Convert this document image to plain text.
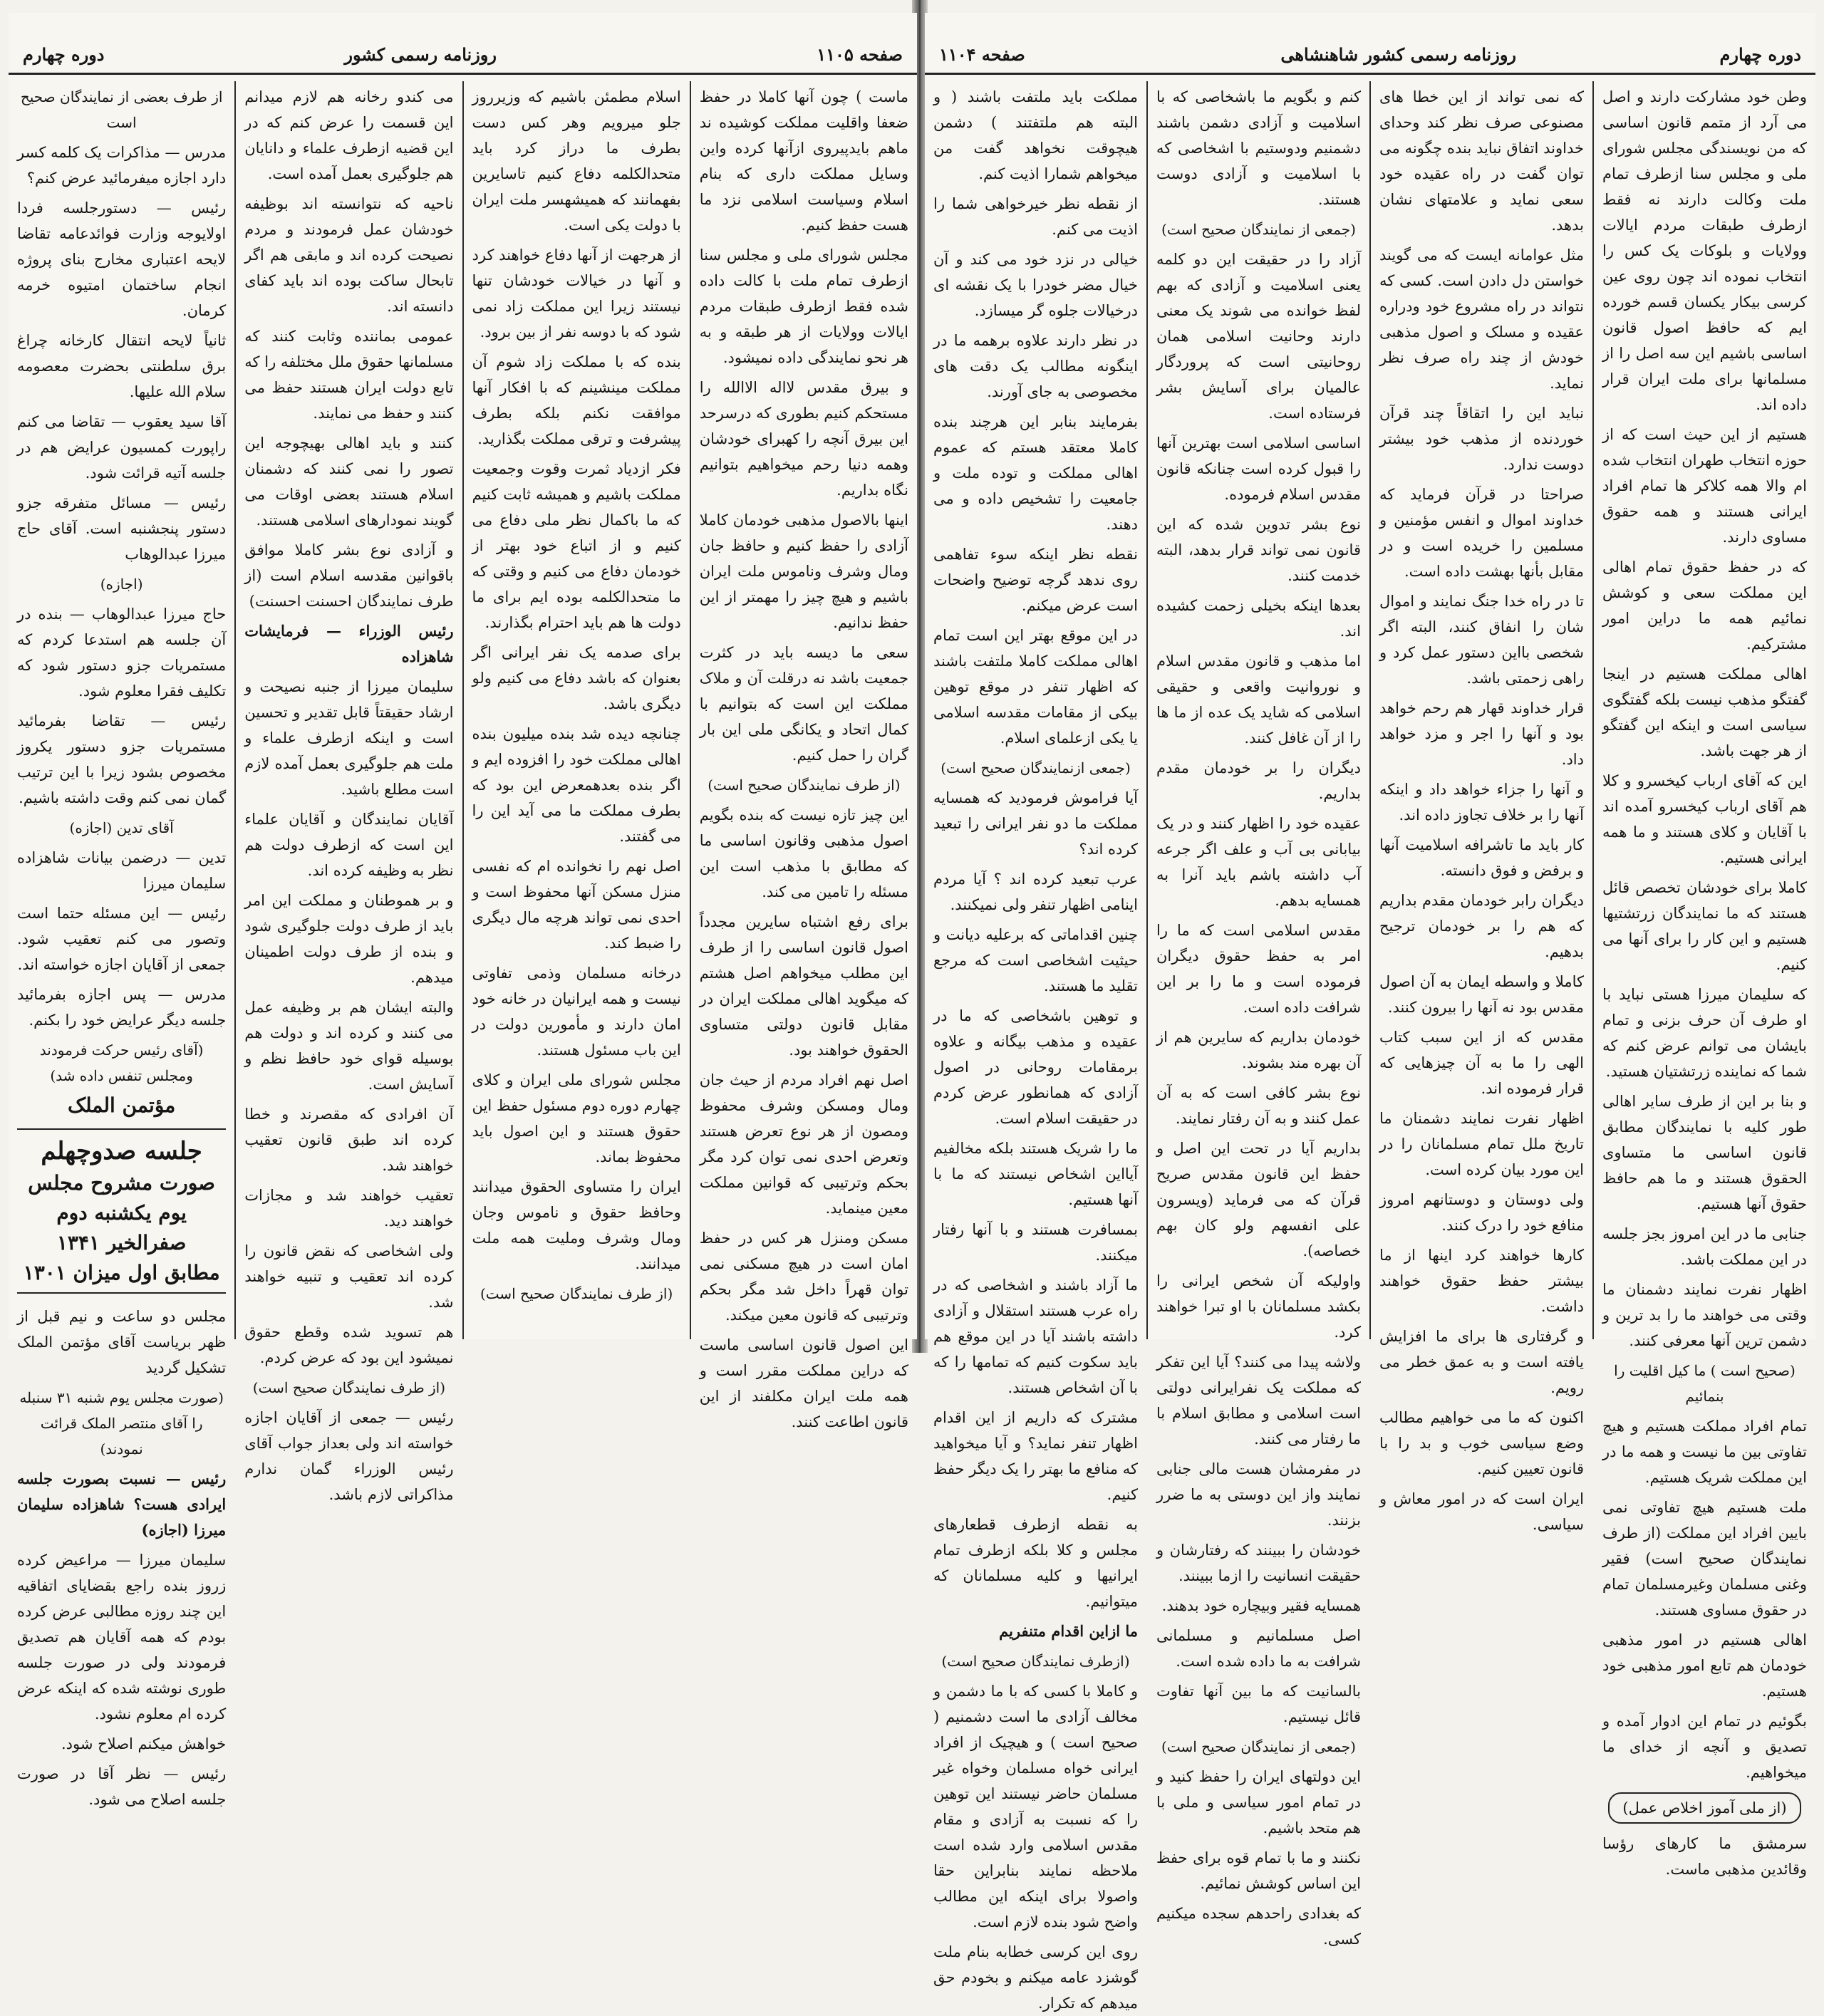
صفحه ۱۱۰۵
روزنامه رسمی کشور
دوره چهارم

ماست ) چون آنها کاملا در حفظ ضعفا واقلیت مملکت کوشیده ند ماهم بایدپیروی ازآنها کرده واین وسایل مملکت داری که بنام اسلام وسیاست اسلامی نزد ما هست حفظ کنیم.

مجلس شورای ملی و مجلس سنا ازطرف تمام ملت با کالت داده شده فقط ازطرف طبقات مردم ایالات وولایات از هر طبقه و به هر نحو نمایندگی داده نمیشود.

و بیرق مقدس لااله الاالله را مستحکم کنیم بطوری که درسرحد این بیرق آنچه را کهبرای خودشان وهمه دنیا رحم میخواهیم بتوانیم نگاه بداریم.

اینها بالاصول مذهبی خودمان کاملا آزادی را حفظ کنیم و حافظ جان ومال وشرف وناموس ملت ایران باشیم و هیچ چیز را مهمتر از این حفظ ندانیم.

سعی ما دیسه باید در کثرت جمعیت باشد نه درقلت آن و ملاک مملکت این است که بتوانیم با کمال اتحاد و یکانگی ملی این بار گران را حمل کنیم.

(از طرف نمایندگان صحیح است)

این چیز تازه نیست که بنده بگویم اصول مذهبی وقانون اساسی ما که مطابق با مذهب است این مسئله را تامین می کند.

برای رفع اشتباه سایرین مجدداً اصول قانون اساسی را از طرف این مطلب میخواهم اصل هشتم که میگوید اهالی مملکت ایران در مقابل قانون دولتی متساوی الحقوق خواهند بود.

اصل نهم افراد مردم از حیث جان ومال ومسکن وشرف محفوظ ومصون از هر نوع تعرض هستند وتعرض احدی نمی توان کرد مگر بحکم وترتیبی که قوانین مملکت معین مینماید.

مسکن ومنزل هر کس در حفظ امان است در هیچ مسکنی نمی توان قهراً داخل شد مگر بحکم وترتیبی که قانون معین میکند.

این اصول قانون اساسی ماست که دراین مملکت مقرر است و همه ملت ایران مکلفند از این قانون اطاعت کنند.

اسلام مطمئن باشیم که وزیرروز جلو میرویم وهر کس دست بطرف ما دراز کرد باید متحدالکلمه دفاع کنیم تاسایرین بفهمانند که همیشهسر ملت ایران با دولت یکی است.

از هرجهت از آنها دفاع خواهند کرد و آنها در خیالات خودشان تنها نیستند زیرا این مملکت زاد نمی شود که با دوسه نفر از بین برود.

بنده که با مملکت زاد شوم آن مملکت مینشینم که با افکار آنها موافقت نکنم بلکه بطرف پیشرفت و ترقی مملکت بگذارید.

فکر ازدیاد ثمرت وقوت وجمعیت مملکت باشیم و همیشه ثابت کنیم که ما باکمال نظر ملی دفاع می کنیم و از اتباع خود بهتر از خودمان دفاع می کنیم و وقتی که ما متحدالکلمه بوده ایم برای ما دولت ها هم باید احترام بگذارند.

برای صدمه یک نفر ایرانی اگر بعنوان که باشد دفاع می کنیم ولو دیگری باشد.

چنانچه دیده شد بنده میلیون بنده اهالی مملکت خود را افزوده ایم و اگر بنده بعدهمعرض این بود که بطرف مملکت ما می آید این را می گفتند.

اصل نهم را نخوانده ام که نفسی منزل مسکن آنها محفوظ است و احدی نمی تواند هرچه مال دیگری را ضبط کند.

درخانه مسلمان وذمی تفاوتی نیست و همه ایرانیان در خانه خود امان دارند و مأمورین دولت در این باب مسئول هستند.

مجلس شورای ملی ایران و کلای چهارم دوره دوم مسئول حفظ این حقوق هستند و این اصول باید محفوظ بماند.

ایران را متساوی الحقوق میدانند وحافظ حقوق و ناموس وجان ومال وشرف وملیت همه ملت میدانند.

(از طرف نمایندگان صحیح است)

می کندو رخانه هم لازم میدانم این قسمت را عرض کنم که در این قضیه ازطرف علماء و دانایان هم جلوگیری بعمل آمده است.

ناحیه که نتوانسته اند بوظیفه خودشان عمل فرمودند و مردم نصیحت کرده اند و مابقی هم اگر تابحال ساکت بوده اند باید کفای دانسته اند.

عمومی بماننده وثابت کنند که مسلمانها حقوق ملل مختلفه را که تابع دولت ایران هستند حفظ می کنند و حفظ می نمایند.

کنند و باید اهالی بهیچوجه این تصور را نمی کنند که دشمنان اسلام هستند بعضی اوقات می گویند نمودارهای اسلامی هستند.

و آزادی نوع بشر کاملا موافق باقوانین مقدسه اسلام است (از طرف نمایندگان احسنت احسنت)

رئیس الوزراء — فرمایشات شاهزاده

سلیمان میرزا از جنبه نصیحت و ارشاد حقیقتاً قابل تقدیر و تحسین است و اینکه ازطرف علماء و ملت هم جلوگیری بعمل آمده لازم است مطلع باشید.

آقایان نمایندگان و آقایان علماء این است که ازطرف دولت هم نظر به وظیفه کرده اند.

و بر هموطنان و مملکت این امر باید از طرف دولت جلوگیری شود و بنده از طرف دولت اطمینان میدهم.

والبته ایشان هم بر وظیفه عمل می کنند و کرده اند و دولت هم بوسیله قوای خود حافظ نظم و آسایش است.

آن افرادی که مقصرند و خطا کرده اند طبق قانون تعقیب خواهند شد.

تعقیب خواهند شد و مجازات خواهند دید.

ولی اشخاصی که نقض قانون را کرده اند تعقیب و تنبیه خواهند شد.

هم تسوید شده وقطع حقوق نمیشود این بود که عرض کردم.

(از طرف نمایندگان صحیح است)

رئیس — جمعی از آقایان اجازه خواسته اند ولی بعداز جواب آقای رئیس الوزراء گمان ندارم مذاکراتی لازم باشد.

از طرف بعضی از نمایندگان صحیح است

مدرس — مذاکرات یک کلمه کسر دارد اجازه میفرمائید عرض کنم؟

رئیس — دستورجلسه فردا اولایوجه وزارت فوائدعامه تقاضا لایحه اعتباری مخارج بنای پروژه انجام ساختمان امتیوه خرمه کرمان.

ثانیاً لایحه انتقال کارخانه چراغ برق سلطنتی بحضرت معصومه سلام الله علیها.

آقا سید یعقوب — تقاضا می کنم راپورت کمسیون عرایض هم در جلسه آتیه قرائت شود.

رئیس — مسائل متفرقه جزو دستور پنجشنبه است. آقای حاج میرزا عبدالوهاب

(اجازه)

حاج میرزا عبدالوهاب — بنده در آن جلسه هم استدعا کردم که مستمریات جزو دستور شود که تکلیف فقرا معلوم شود.

رئیس — تقاضا بفرمائید مستمریات جزو دستور یکروز مخصوص بشود زیرا با این ترتیب گمان نمی کنم وقت داشته باشیم.

آقای تدین (اجازه)

تدین — درضمن بیانات شاهزاده سلیمان میرزا

رئیس — این مسئله حتما است وتصور می کنم تعقیب شود. جمعی از آقایان اجازه خواسته اند.

مدرس — پس اجازه بفرمائید جلسه دیگر عرایض خود را بکنم.

(آقای رئیس حرکت فرمودند ومجلس تنفس داده شد)

مؤتمن الملک

جلسه صدوچهلم
صورت مشروح مجلس یوم یکشنبه دوم صفرالخیر ۱۳۴۱
مطابق اول میزان ۱۳۰۱

مجلس دو ساعت و نیم قبل از ظهر بریاست آقای مؤتمن الملک تشکیل گردید

(صورت مجلس یوم شنبه ۳۱ سنبله را آقای منتصر الملک قرائت نمودند)

رئیس — نسبت بصورت جلسه ایرادی هست؟ شاهزاده سلیمان میرزا (اجازه)

سلیمان میرزا — مراعیض کرده زروز بنده راجع بقضایای اتفاقیه این چند روزه مطالبی عرض کرده بودم که همه آقایان هم تصدیق فرمودند ولی در صورت جلسه طوری نوشته شده که اینکه عرض کرده ام معلوم نشود.

خواهش میکنم اصلاح شود.

رئیس — نظر آقا در صورت جلسه اصلاح می شود.

دوره چهارم
روزنامه رسمی کشور شاهنشاهی
صفحه ۱۱۰۴

وطن خود مشارکت دارند و اصل می آرد از متمم قانون اساسی که من نویسندگی مجلس شورای ملی و مجلس سنا ازطرف تمام ملت وکالت دارند نه فقط ازطرف طبقات مردم ایالات وولایات و بلوکات یک کس را انتخاب نموده اند چون روی عین کرسی بیکار یکسان قسم خورده ایم که حافظ اصول قانون اساسی باشیم این سه اصل را از مسلمانها برای ملت ایران قرار داده اند.

هستیم از این حیث است که از حوزه انتخاب طهران انتخاب شده ام والا همه کلاکر ها تمام افراد ایرانی هستند و همه حقوق مساوی دارند.

که در حفظ حقوق تمام اهالی این مملکت سعی و کوشش نمائیم همه ما دراین امور مشترکیم.

اهالی مملکت هستیم در اینجا گفتگو مذهب نیست بلکه گفتگوی سیاسی است و اینکه این گفتگو از هر جهت باشد.

این که آقای ارباب کیخسرو و کلا هم آقای ارباب کیخسرو آمده اند با آقایان و کلای هستند و ما همه ایرانی هستیم.

کاملا برای خودشان تخصص قائل هستند که ما نمایندگان زرتشتیها هستیم و این کار را برای آنها می کنیم.

که سلیمان میرزا هستی نباید با او طرف آن حرف بزنی و تمام بایشان می توانم عرض کنم که شما که نماینده زرتشتیان هستید.

و بنا بر این از طرف سایر اهالی طور کلیه با نمایندگان مطابق قانون اساسی ما متساوی الحقوق هستند و ما هم حافظ حقوق آنها هستیم.

جنابی ما در این امروز بجز جلسه در این مملکت باشد.

اظهار نفرت نمایند دشمنان ما وقتی می خواهند ما را بد ترین و دشمن ترین آنها معرفی کنند.

(صحیح است ) ما کیل اقلیت را بنمائیم

تمام افراد مملکت هستیم و هیچ تفاوتی بین ما نیست و همه ما در این مملکت شریک هستیم.

ملت هستیم هیچ تفاوتی نمی بایین افراد این مملکت (از طرف نمایندگان صحیح است) فقیر وغنی مسلمان وغیرمسلمان تمام در حقوق مساوی هستند.

اهالی هستیم در امور مذهبی خودمان هم تابع امور مذهبی خود هستیم.

بگوئیم در تمام این ادوار آمده و تصدیق و آنچه از خدای ما میخواهیم.

(از ملی آموز اخلاص عمل)

سرمشق ما کارهای رؤسا وقائدین مذهبی ماست.

که نمی تواند از این خطا های مصنوعی صرف نظر کند وحدای خداوند اتفاق نباید بنده چگونه می توان گفت در راه عقیده خود سعی نماید و علامتهای نشان بدهد.

مثل عوامانه ایست که می گویند خواستن دل دادن است. کسی که نتواند در راه مشروع خود ودراره عقیده و مسلک و اصول مذهبی خودش از چند راه صرف نظر نماید.

نباید این را اتقاقاً چند قرآن خوردنده از مذهب خود بیشتر دوست ندارد.

صراحتا در قرآن فرماید که خداوند اموال و انفس مؤمنین و مسلمین را خریده است و در مقابل بأنها بهشت داده است.

تا در راه خدا جنگ نمایند و اموال شان را انفاق کنند، البته اگر شخصی بااین دستور عمل کرد و راهی زحمتی باشد.

قرار خداوند قهار هم رحم خواهد بود و آنها را اجر و مزد خواهد داد.

و آنها را جزاء خواهد داد و اینکه آنها را بر خلاف تجاوز داده اند.

کار باید ما تاشرافه اسلامیت آنها و برفض و فوق دانسته.

دیگران رابر خودمان مقدم بداریم که هم را بر خودمان ترجیح بدهیم.

کاملا و واسطه ایمان به آن اصول مقدس بود نه آنها را بیرون کنند.

مقدس که از این سبب کتاب الهی را ما به آن چیزهایی که قرار فرموده اند.

اظهار نفرت نمایند دشمنان ما تاریخ ملل تمام مسلمانان را در این مورد بیان کرده است.

ولی دوستان و دوستانهم امروز منافع خود را درک کنند.

کارها خواهند کرد اینها از ما بیشتر حفظ حقوق خواهند داشت.

و گرفتاری ها برای ما افزایش یافته است و به عمق خطر می رویم.

اکنون که ما می خواهیم مطالب وضع سیاسی خوب و بد را با قانون تعیین کنیم.

ایران است که در امور معاش و سیاسی.

کنم و بگویم ما باشخاصی که با اسلامیت و آزادی دشمن باشند دشمنیم ودوستیم با اشخاصی که با اسلامیت و آزادی دوست هستند.

(جمعی از نمایندگان صحیح است)

آزاد را در حقیقت این دو کلمه یعنی اسلامیت و آزادی که بهم لفظ خوانده می شوند یک معنی دارند وحانیت اسلامی همان روحانیتی است که پروردگار عالمیان برای آسایش بشر فرستاده است.

اساسی اسلامی است بهترین آنها را قبول کرده است چنانکه قانون مقدس اسلام فرموده.

نوع بشر تدوین شده که این قانون نمی تواند قرار بدهد، البته خدمت کنند.

بعدها اینکه بخیلی زحمت کشیده اند.

اما مذهب و قانون مقدس اسلام و نوروانیت واقعی و حقیقی اسلامی که شاید یک عده از ما ها را از آن غافل کنند.

دیگران را بر خودمان مقدم بداریم.

عقیده خود را اظهار کنند و در یک بیابانی بی آب و علف اگر جرعه آب داشته باشم باید آنرا به همسایه بدهم.

مقدس اسلامی است که ما را امر به حفظ حقوق دیگران فرموده است و ما را بر این شرافت داده است.

خودمان بداریم که سایرین هم از آن بهره مند بشوند.

نوع بشر کافی است که به آن عمل کنند و به آن رفتار نمایند.

بداریم آیا در تحت این اصل و حفظ این قانون مقدس صریح قرآن که می فرماید (ویسرون علی انفسهم ولو کان بهم خصاصه).

واولیکه آن شخص ایرانی را بکشد مسلمانان با او تبرا خواهند کرد.

ولاشه پیدا می کنند؟ آیا این تفکر که مملکت یک نفرایرانی دولتی است اسلامی و مطابق اسلام با ما رفتار می کنند.

در مفرمشان هست مالی جنابی نمایند واز این دوستی به ما ضرر بزنند.

خودشان را ببینند که رفتارشان و حقیقت انسانیت را ازما ببینند.

همسایه فقیر وبیچاره خود بدهند.

اصل مسلمانیم و مسلمانی شرافت به ما داده شده است.

بالسانیت که ما بین آنها تفاوت قائل نیستیم.

(جمعی از نمایندگان صحیح است)

این دولتهای ایران را حفظ کنید و در تمام امور سیاسی و ملی با هم متحد باشیم.

نکنند و ما با تمام قوه برای حفظ این اساس کوشش نمائیم.

که بغدادی راحدهم سجده میکنیم کسی.

مملکت باید ملتفت باشند ( و البته هم ملتفتند ) دشمن هیچوقت نخواهد گفت من میخواهم شمارا اذیت کنم.

از نقطه نظر خیرخواهی شما را اذیت می کنم.

خیالی در نزد خود می کند و آن خیال مضر خودرا با یک نقشه ای درخیالات جلوه گر میسازد.

در نظر دارند علاوه برهمه ما در اینگونه مطالب یک دقت های مخصوصی به جای آورند.

بفرمایند بنابر این هرچند بنده کاملا معتقد هستم که عموم اهالی مملکت و توده ملت و جامعیت را تشخیص داده و می دهند.

نقطه نظر اینکه سوء تفاهمی روی ندهد گرچه توضیح واضحات است عرض میکنم.

در این موقع بهتر این است تمام اهالی مملکت کاملا ملتفت باشند که اظهار تنفر در موقع توهین بیکی از مقامات مقدسه اسلامی یا یکی ازعلمای اسلام.

(جمعی ازنمایندگان صحیح است)

آیا فراموش فرمودید که همسایه مملکت ما دو نفر ایرانی را تبعید کرده اند؟

عرب تبعید کرده اند ؟ آیا مردم اینامی اظهار تنفر ولی نمیکنند.

چنین اقداماتی که برعلیه دیانت و حیثیت اشخاصی است که مرجع تقلید ما هستند.

و توهین باشخاصی که ما در عقیده و مذهب بیگانه و علاوه برمقامات روحانی در اصول آزادی که همانطور عرض کردم در حقیقت اسلام است.

ما را شریک هستند بلکه مخالفیم آیااین اشخاص نیستند که ما با آنها هستیم.

بمسافرت هستند و با آنها رفتار میکنند.

ما آزاد باشند و اشخاصی که در راه عرب هستند استقلال و آزادی داشته باشند آیا در این موقع هم باید سکوت کنیم که تمامها را که با آن اشخاص هستند.

مشترک که داریم از این اقدام اظهار تنفر نماید؟ و آیا میخواهید که منافع ما بهتر را یک دیگر حفظ کنیم.

به نقطه ازطرف قطعارهای مجلس و کلا بلکه ازطرف تمام ایرانیها و کلیه مسلمانان که میتوانیم.

ما ازاین اقدام متنفریم

(ازطرف نمایندگان صحیح است)

و کاملا با کسی که با ما دشمن و مخالف آزادی ما است دشمنیم ( صحیح است ) و هیچیک از افراد ایرانی خواه مسلمان وخواه غیر مسلمان حاضر نیستند این توهین را که نسبت به آزادی و مقام مقدس اسلامی وارد شده است ملاحظه نمایند بنابراین حقا واصولا برای اینکه این مطالب واضح شود بنده لازم است.

روی این کرسی خطابه بنام ملت گوشزد عامه میکنم و بخودم حق میدهم که تکرار.
